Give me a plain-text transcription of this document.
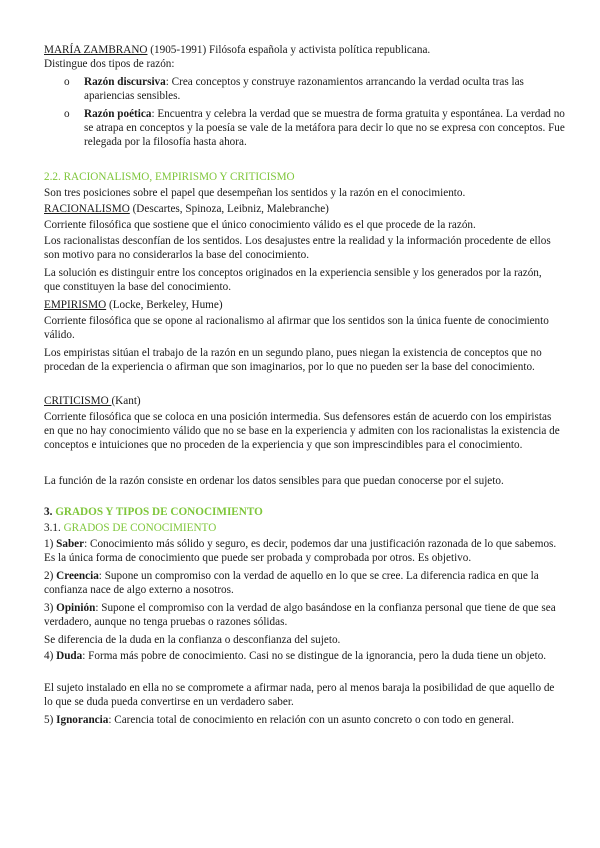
MARÍA ZAMBRANO (1905-1991) Filósofa española y activista política republicana.

Distingue dos tipos de razón:

o Razón discursiva: Crea conceptos y construye razonamientos arrancando la verdad oculta tras las apariencias sensibles.
o Razón poética: Encuentra y celebra la verdad que se muestra de forma gratuita y espontánea. La verdad no se atrapa en conceptos y la poesía se vale de la metáfora para decir lo que no se expresa con conceptos. Fue relegada por la filosofía hasta ahora.

2.2. RACIONALISMO, EMPIRISMO Y CRITICISMO

Son tres posiciones sobre el papel que desempeñan los sentidos y la razón en el conocimiento.

RACIONALISMO (Descartes, Spinoza, Leibniz, Malebranche)

Corriente filosófica que sostiene que el único conocimiento válido es el que procede de la razón.

Los racionalistas desconfían de los sentidos. Los desajustes entre la realidad y la información procedente de ellos son motivo para no considerarlos la base del conocimiento.

La solución es distinguir entre los conceptos originados en la experiencia sensible y los generados por la razón, que constituyen la base del conocimiento.

EMPIRISMO (Locke, Berkeley, Hume)

Corriente filosófica que se opone al racionalismo al afirmar que los sentidos son la única fuente de conocimiento válido.

Los empiristas sitúan el trabajo de la razón en un segundo plano, pues niegan la existencia de conceptos que no procedan de la experiencia o afirman que son imaginarios, por lo que no pueden ser la base del conocimiento.

CRITICISMO (Kant)

Corriente filosófica que se coloca en una posición intermedia. Sus defensores están de acuerdo con los empiristas en que no hay conocimiento válido que no se base en la experiencia y admiten con los racionalistas la existencia de conceptos e intuiciones que no proceden de la experiencia y que son imprescindibles para el conocimiento.

La función de la razón consiste en ordenar los datos sensibles para que puedan conocerse por el sujeto.

3. GRADOS Y TIPOS DE CONOCIMIENTO

3.1. GRADOS DE CONOCIMIENTO

1) Saber: Conocimiento más sólido y seguro, es decir, podemos dar una justificación razonada de lo que sabemos. Es la única forma de conocimiento que puede ser probada y comprobada por otros. Es objetivo.

2) Creencia: Supone un compromiso con la verdad de aquello en lo que se cree. La diferencia radica en que la confianza nace de algo externo a nosotros.

3) Opinión: Supone el compromiso con la verdad de algo basándose en la confianza personal que tiene de que sea verdadero, aunque no tenga pruebas o razones sólidas.

Se diferencia de la duda en la confianza o desconfianza del sujeto.

4) Duda: Forma más pobre de conocimiento. Casi no se distingue de la ignorancia, pero la duda tiene un objeto.

El sujeto instalado en ella no se compromete a afirmar nada, pero al menos baraja la posibilidad de que aquello de lo que se duda pueda convertirse en un verdadero saber.

5) Ignorancia: Carencia total de conocimiento en relación con un asunto concreto o con todo en general.
